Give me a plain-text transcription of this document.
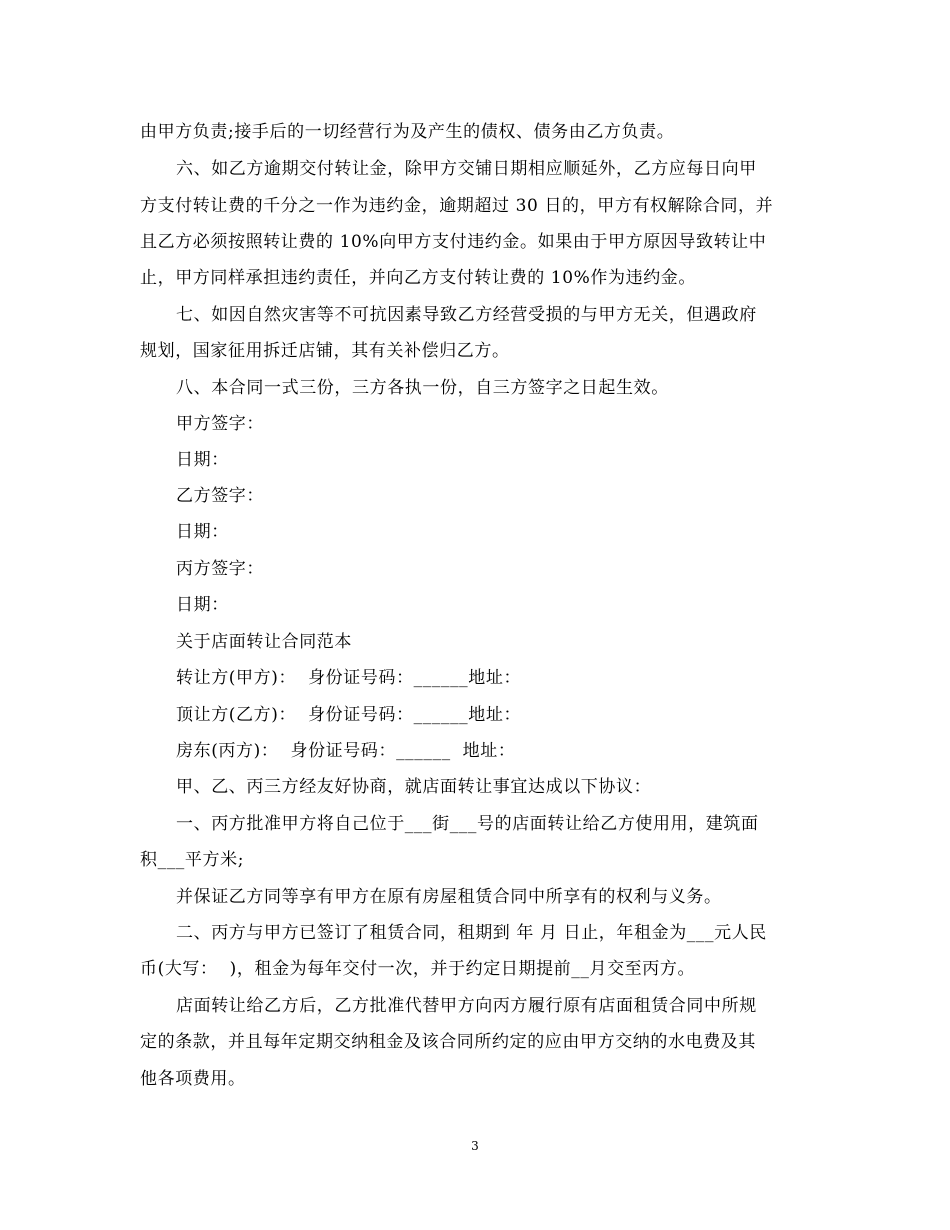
由甲方负责;接手后的一切经营行为及产生的债权、债务由乙方负责。
六、如乙方逾期交付转让金，除甲方交铺日期相应顺延外，乙方应每日向甲
方支付转让费的千分之一作为违约金，逾期超过 30 日的，甲方有权解除合同，并
且乙方必须按照转让费的 10%向甲方支付违约金。如果由于甲方原因导致转让中
止，甲方同样承担违约责任，并向乙方支付转让费的 10%作为违约金。
七、如因自然灾害等不可抗因素导致乙方经营受损的与甲方无关，但遇政府
规划，国家征用拆迁店铺，其有关补偿归乙方。
八、本合同一式三份，三方各执一份，自三方签字之日起生效。
甲方签字：
日期：
乙方签字：
日期：
丙方签字：
日期：
关于店面转让合同范本
转让方(甲方)：  身份证号码：______地址：
顶让方(乙方)：  身份证号码：______地址：
房东(丙方)：  身份证号码：______  地址：
甲、乙、丙三方经友好协商，就店面转让事宜达成以下协议：
一、丙方批准甲方将自己位于___街___号的店面转让给乙方使用用，建筑面
积___平方米;
并保证乙方同等享有甲方在原有房屋租赁合同中所享有的权利与义务。
二、丙方与甲方已签订了租赁合同，租期到 年 月 日止，年租金为___元人民
币(大写：  )，租金为每年交付一次，并于约定日期提前__月交至丙方。
店面转让给乙方后，乙方批准代替甲方向丙方履行原有店面租赁合同中所规
定的条款，并且每年定期交纳租金及该合同所约定的应由甲方交纳的水电费及其
他各项费用。
3
